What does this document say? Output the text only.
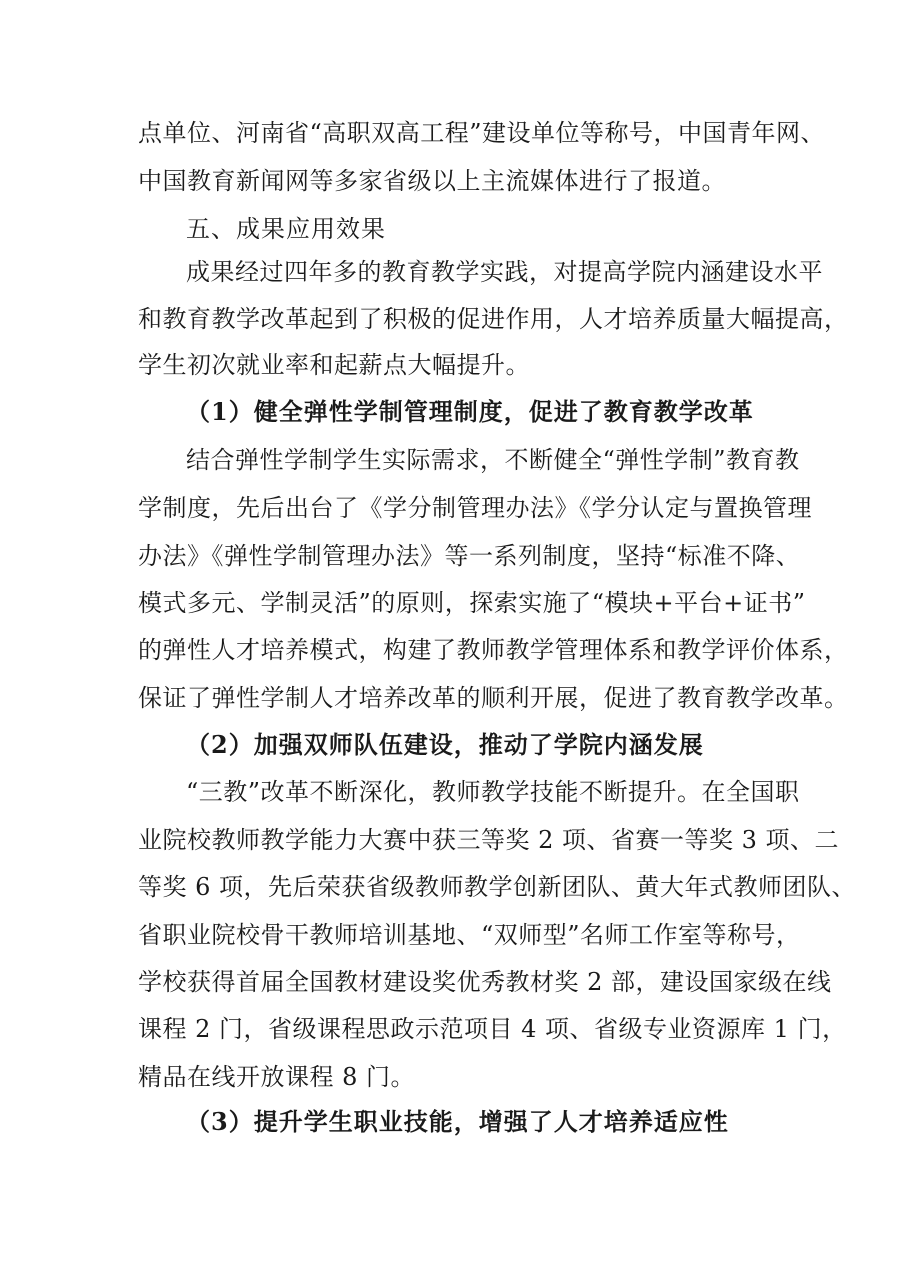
点单位、河南省“高职双高工程”建设单位等称号，中国青年网、
中国教育新闻网等多家省级以上主流媒体进行了报道。
五、成果应用效果
成果经过四年多的教育教学实践，对提高学院内涵建设水平
和教育教学改革起到了积极的促进作用，人才培养质量大幅提高，
学生初次就业率和起薪点大幅提升。
（1）健全弹性学制管理制度，促进了教育教学改革
结合弹性学制学生实际需求，不断健全“弹性学制”教育教
学制度，先后出台了《学分制管理办法》《学分认定与置换管理
办法》《弹性学制管理办法》等一系列制度，坚持“标准不降、
模式多元、学制灵活”的原则，探索实施了“模块+平台+证书”
的弹性人才培养模式，构建了教师教学管理体系和教学评价体系，
保证了弹性学制人才培养改革的顺利开展，促进了教育教学改革。
（2）加强双师队伍建设，推动了学院内涵发展
“三教”改革不断深化，教师教学技能不断提升。在全国职
业院校教师教学能力大赛中获三等奖 2 项、省赛一等奖 3 项、二
等奖 6 项，先后荣获省级教师教学创新团队、黄大年式教师团队、
省职业院校骨干教师培训基地、“双师型”名师工作室等称号，
学校获得首届全国教材建设奖优秀教材奖 2 部，建设国家级在线
课程 2 门，省级课程思政示范项目 4 项、省级专业资源库 1 门，
精品在线开放课程 8 门。
（3）提升学生职业技能，增强了人才培养适应性
